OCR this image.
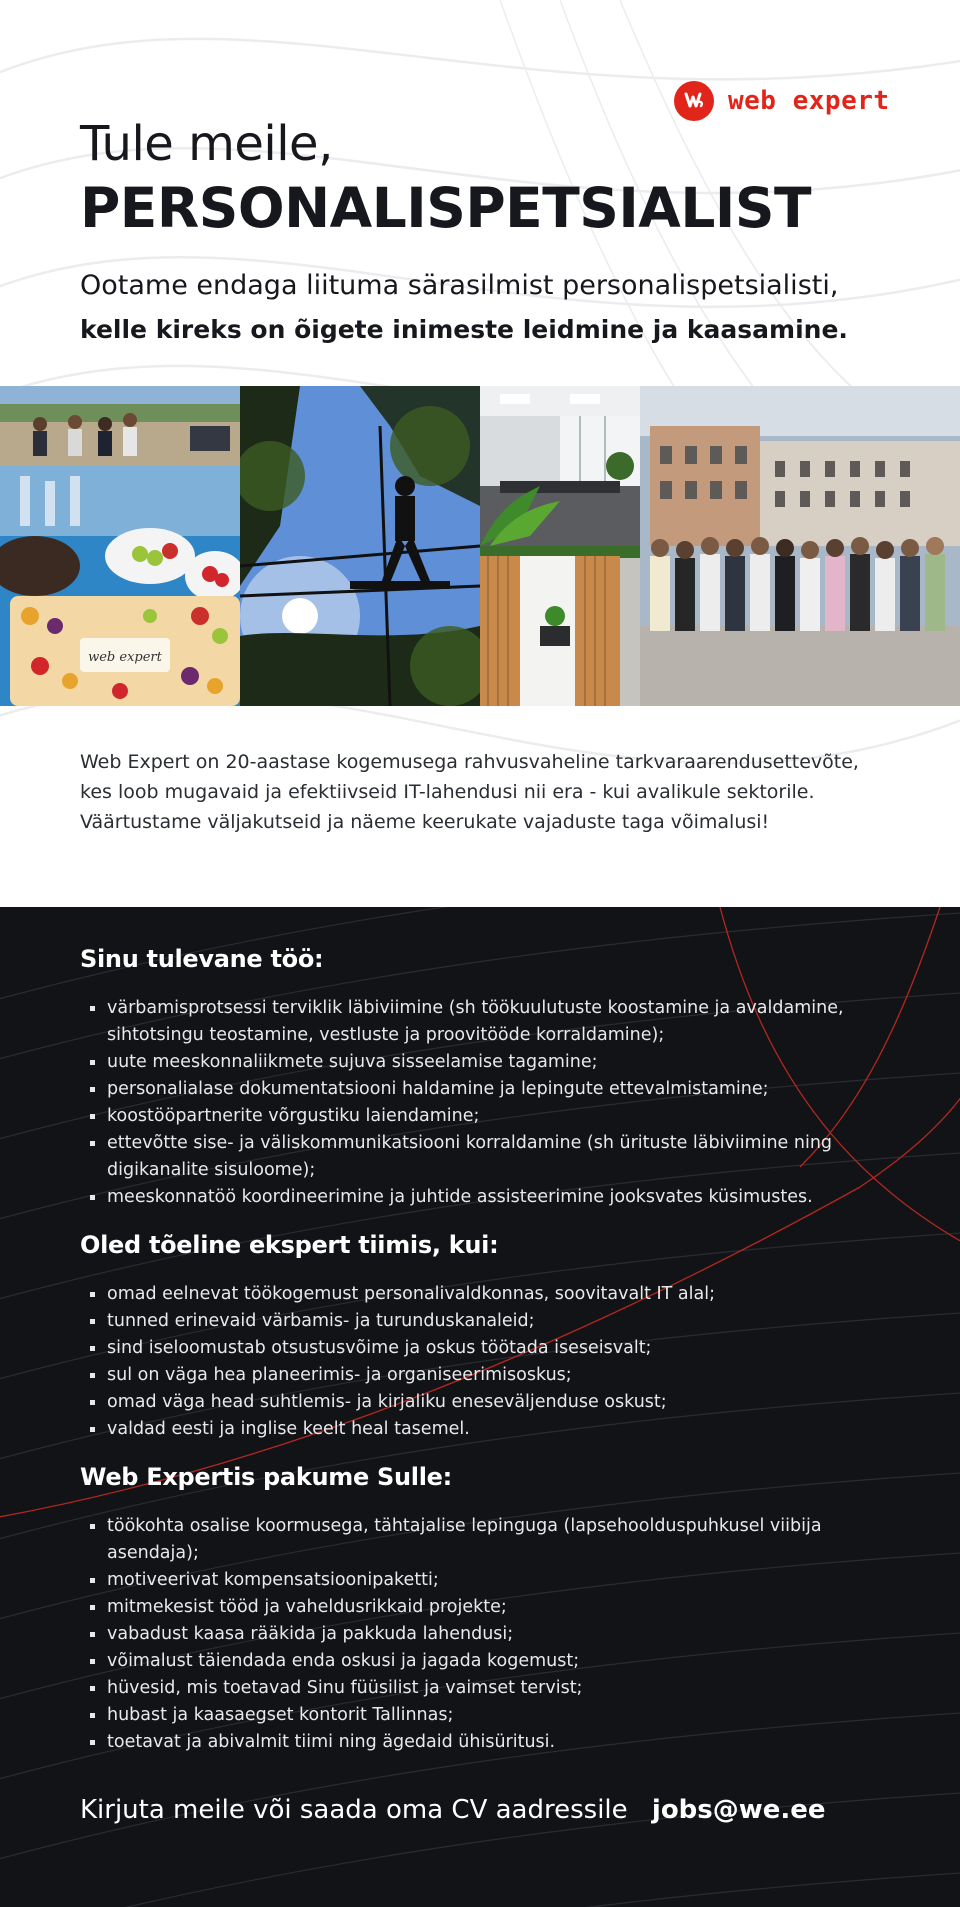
web expert
Tule meile,
PERSONALISPETSIALIST
Ootame endaga liituma särasilmist personalispetsialisti,
kelle kireks on õigete inimeste leidmine ja kaasamine.
web expert

Web Expert on 20-aastase kogemusega rahvusvaheline tarkvaraarendusettevõte, kes loob mugavaid ja efektiivseid IT-lahendusi nii era - kui avalikule sektorile. Väärtustame väljakutseid ja näeme keerukate vajaduste taga võimalusi!

Sinu tulevane töö:
värbamisprotsessi terviklik läbiviimine (sh töökuulutuste koostamine ja avaldamine, sihtotsingu teostamine, vestluste ja proovitööde korraldamine);
uute meeskonnaliikmete sujuva sisseelamise tagamine;
personalialase dokumentatsiooni haldamine ja lepingute ettevalmistamine;
koostööpartnerite võrgustiku laiendamine;
ettevõtte sise- ja väliskommunikatsiooni korraldamine (sh ürituste läbiviimine ning digikanalite sisuloome);
meeskonnatöö koordineerimine ja juhtide assisteerimine jooksvates küsimustes.
Oled tõeline ekspert tiimis, kui:
omad eelnevat töökogemust personalivaldkonnas, soovitavalt IT alal;
tunned erinevaid värbamis- ja turunduskanaleid;
sind iseloomustab otsustusvõime ja oskus töötada iseseisvalt;
sul on väga hea planeerimis- ja organiseerimisoskus;
omad väga head suhtlemis- ja kirjaliku eneseväljenduse oskust;
valdad eesti ja inglise keelt heal tasemel.
Web Expertis pakume Sulle:
töökohta osalise koormusega, tähtajalise lepinguga (lapsehoolduspuhkusel viibija asendaja);
motiveerivat kompensatsioonipaketti;
mitmekesist tööd ja vaheldusrikkaid projekte;
vabadust kaasa rääkida ja pakkuda lahendusi;
võimalust täiendada enda oskusi ja jagada kogemust;
hüvesid, mis toetavad Sinu füüsilist ja vaimset tervist;
hubast ja kaasaegset kontorit Tallinnas;
toetavat ja abivalmit tiimi ning ägedaid ühisüritusi.
Kirjuta meile või saada oma CV aadressile jobs@we.ee
